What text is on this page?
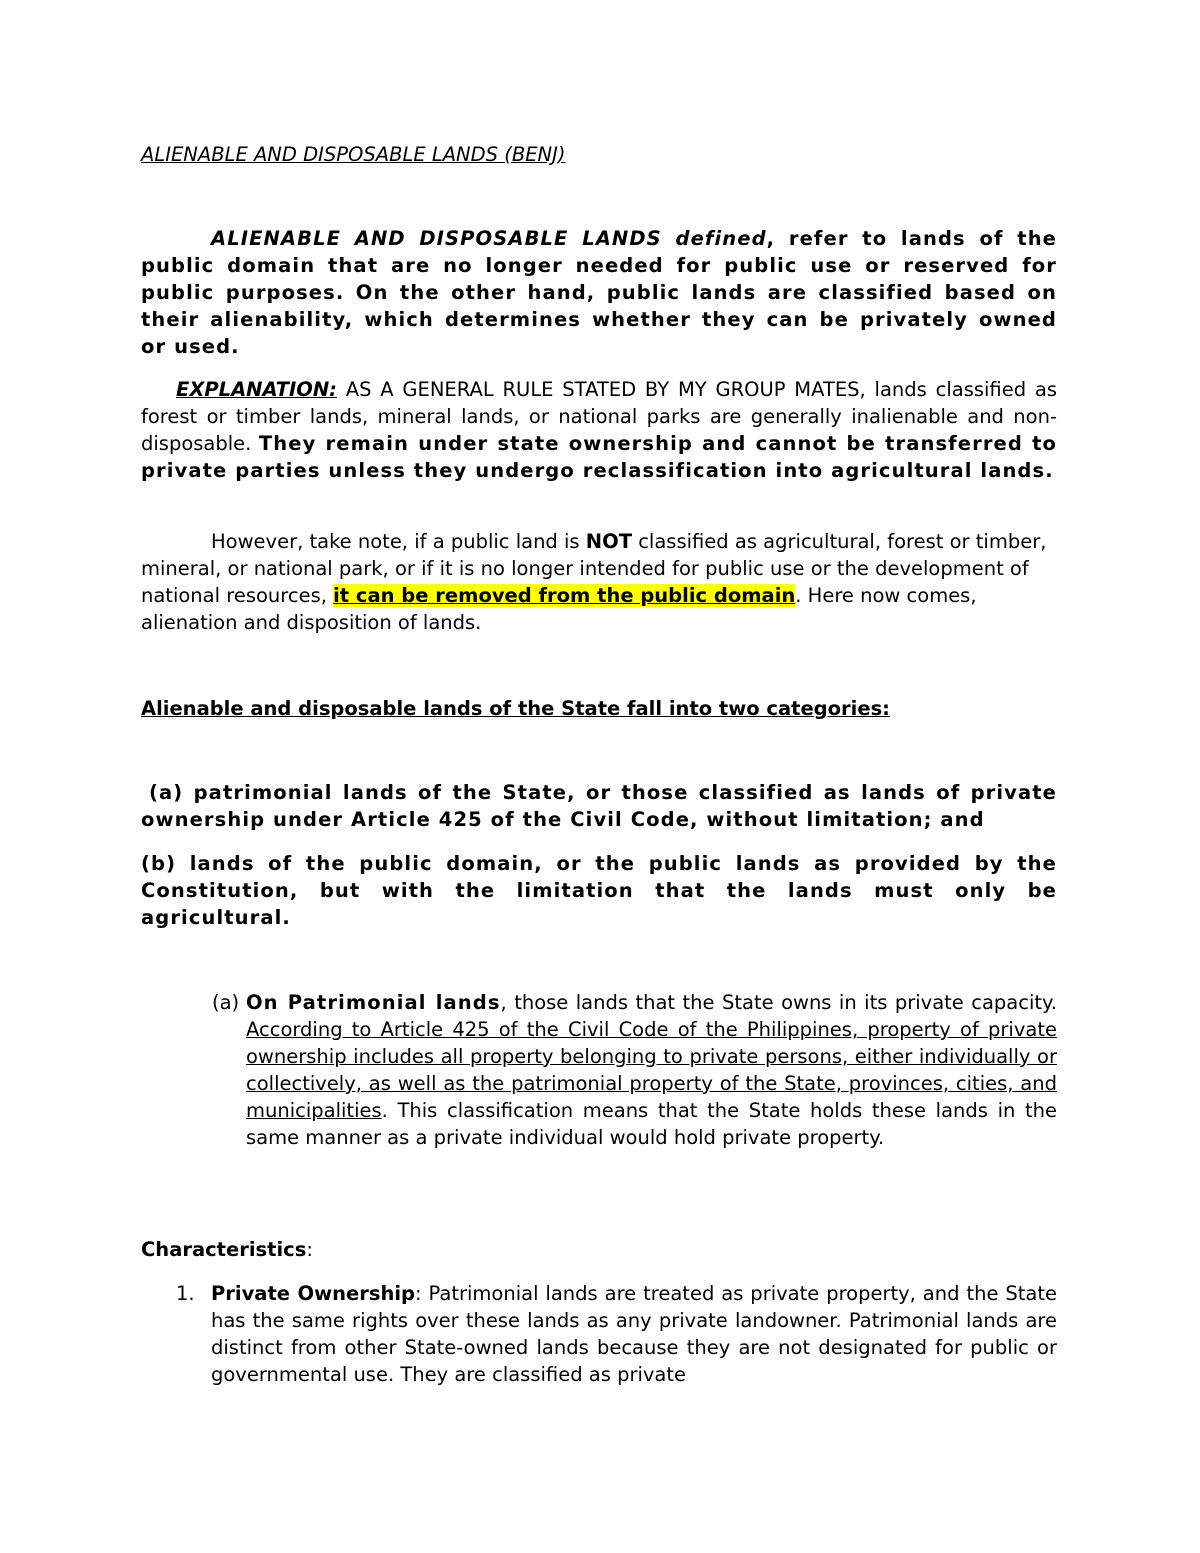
ALIENABLE AND DISPOSABLE LANDS (BENJ)

ALIENABLE AND DISPOSABLE LANDS defined, refer to lands of the public domain that are no longer needed for public use or reserved for public purposes. On the other hand, public lands are classified based on their alienability, which determines whether they can be privately owned or used.

EXPLANATION: AS A GENERAL RULE STATED BY MY GROUP MATES, lands classified as forest or timber lands, mineral lands, or national parks are generally inalienable and non-disposable. They remain under state ownership and cannot be transferred to private parties unless they undergo reclassification into agricultural lands.

However, take note, if a public land is NOT classified as agricultural, forest or timber, mineral, or national park, or if it is no longer intended for public use or the development of national resources, it can be removed from the public domain. Here now comes, alienation and disposition of lands.

Alienable and disposable lands of the State fall into two categories:

(a) patrimonial lands of the State, or those classified as lands of private ownership under Article 425 of the Civil Code, without limitation; and

(b) lands of the public domain, or the public lands as provided by the Constitution, but with the limitation that the lands must only be agricultural.

(a) On Patrimonial lands, those lands that the State owns in its private capacity. According to Article 425 of the Civil Code of the Philippines, property of private ownership includes all property belonging to private persons, either individually or collectively, as well as the patrimonial property of the State, provinces, cities, and municipalities. This classification means that the State holds these lands in the same manner as a private individual would hold private property.

Characteristics:

1. Private Ownership: Patrimonial lands are treated as private property, and the State has the same rights over these lands as any private landowner. Patrimonial lands are distinct from other State-owned lands because they are not designated for public or governmental use. They are classified as private
